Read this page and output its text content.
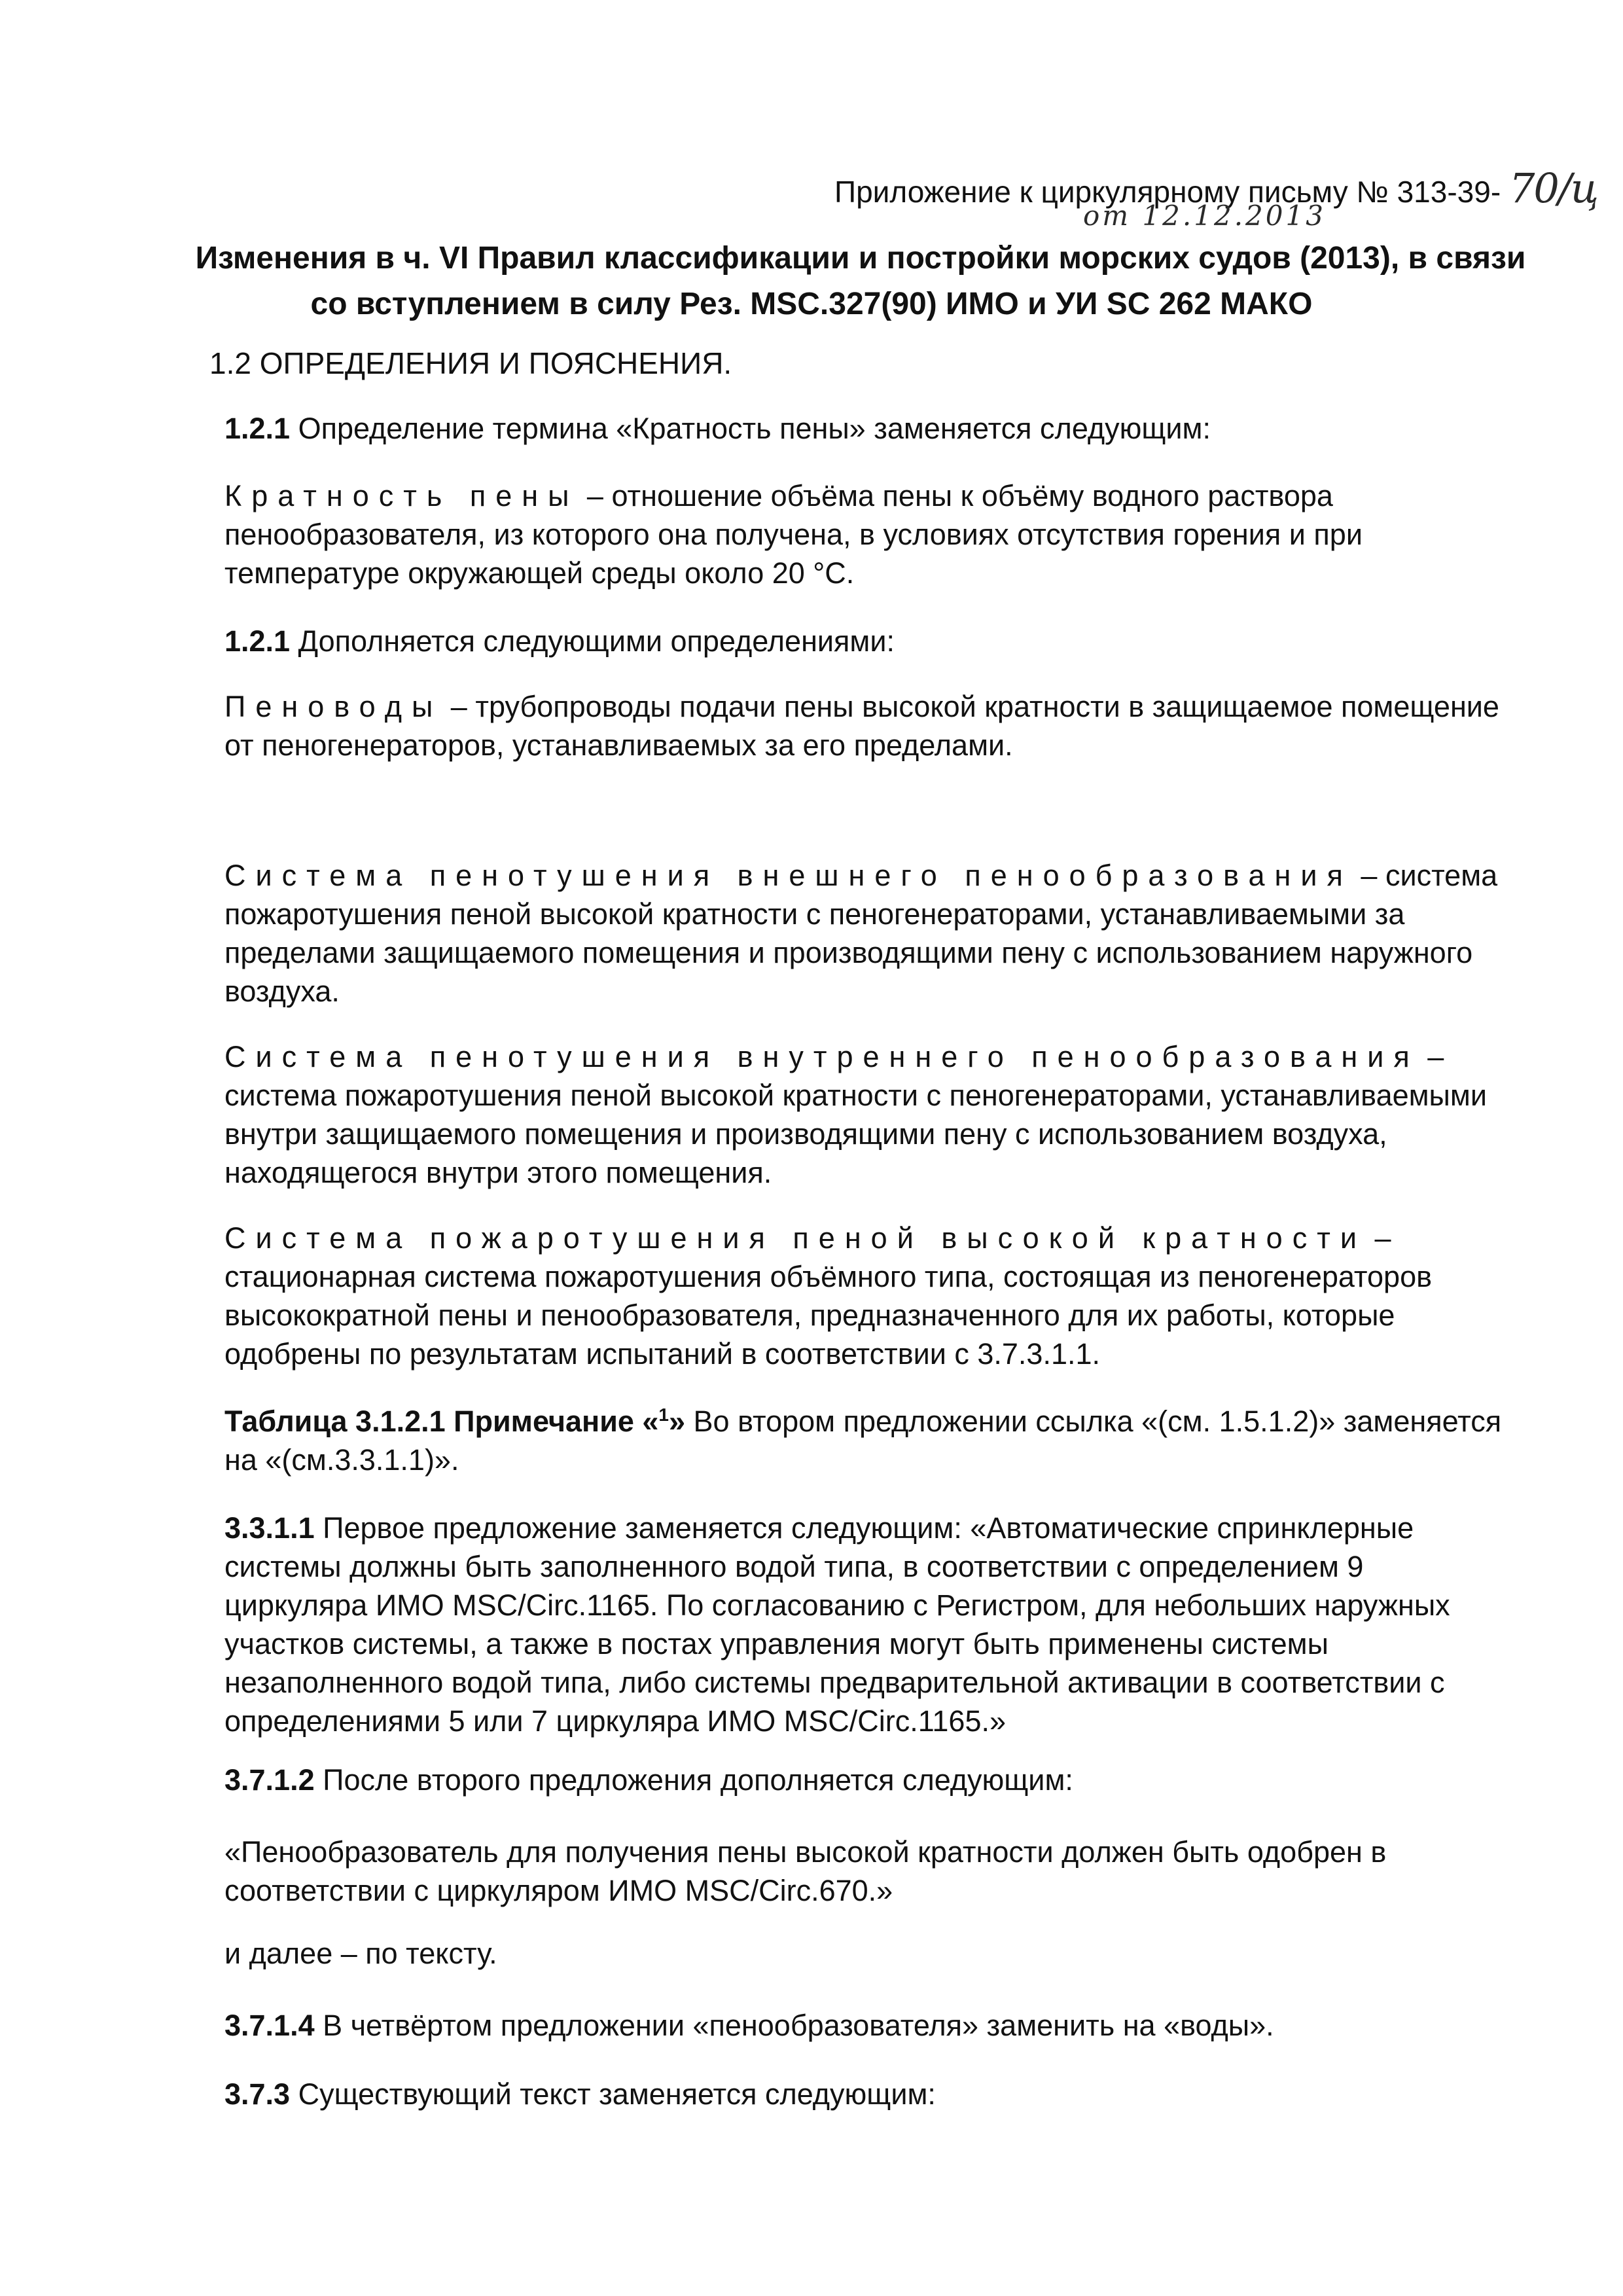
Приложение к циркулярному письму № 313-39- 70/ц
от 12.12.2013
Изменения в ч. VI Правил классификации и постройки морских судов (2013), в связи
со вступлением в силу Рез. MSC.327(90) ИМО и УИ SC 262 МАКО
1.2 ОПРЕДЕЛЕНИЯ И ПОЯСНЕНИЯ.
1.2.1 Определение термина «Кратность пены» заменяется следующим:
Кратность пены – отношение объёма пены к объёму водного раствора пенообразователя, из которого она получена, в условиях отсутствия горения и при температуре окружающей среды около 20 °С.
1.2.1 Дополняется следующими определениями:
Пеноводы – трубопроводы подачи пены высокой кратности в защищаемое помещение от пеногенераторов, устанавливаемых за его пределами.
Система пенотушения внешнего пенообразования – система пожаротушения пеной высокой кратности с пеногенераторами, устанавливаемыми за пределами защищаемого помещения и производящими пену с использованием наружного воздуха.
Система пенотушения внутреннего пенообразования – система пожаротушения пеной высокой кратности с пеногенераторами, устанавливаемыми внутри защищаемого помещения и производящими пену с использованием воздуха, находящегося внутри этого помещения.
Система пожаротушения пеной высокой кратности – стационарная система пожаротушения объёмного типа, состоящая из пеногенераторов высокократной пены и пенообразователя, предназначенного для их работы, которые одобрены по результатам испытаний в соответствии с 3.7.3.1.1.
Таблица 3.1.2.1 Примечание «$^1$» Во втором предложении ссылка «(см. 1.5.1.2)» заменяется на «(см.3.3.1.1)».
3.3.1.1 Первое предложение заменяется следующим: «Автоматические спринклерные системы должны быть заполненного водой типа, в соответствии с определением 9 циркуляра ИМО MSC/Circ.1165. По согласованию с Регистром, для небольших наружных участков системы, а также в постах управления могут быть применены системы незаполненного водой типа, либо системы предварительной активации в соответствии с определениями 5 или 7 циркуляра ИМО MSC/Circ.1165.»
3.7.1.2 После второго предложения дополняется следующим:
«Пенообразователь для получения пены высокой кратности должен быть одобрен в соответствии с циркуляром ИМО MSC/Circ.670.»
и далее – по тексту.
3.7.1.4 В четвёртом предложении «пенообразователя» заменить на «воды».
3.7.3 Существующий текст заменяется следующим:
